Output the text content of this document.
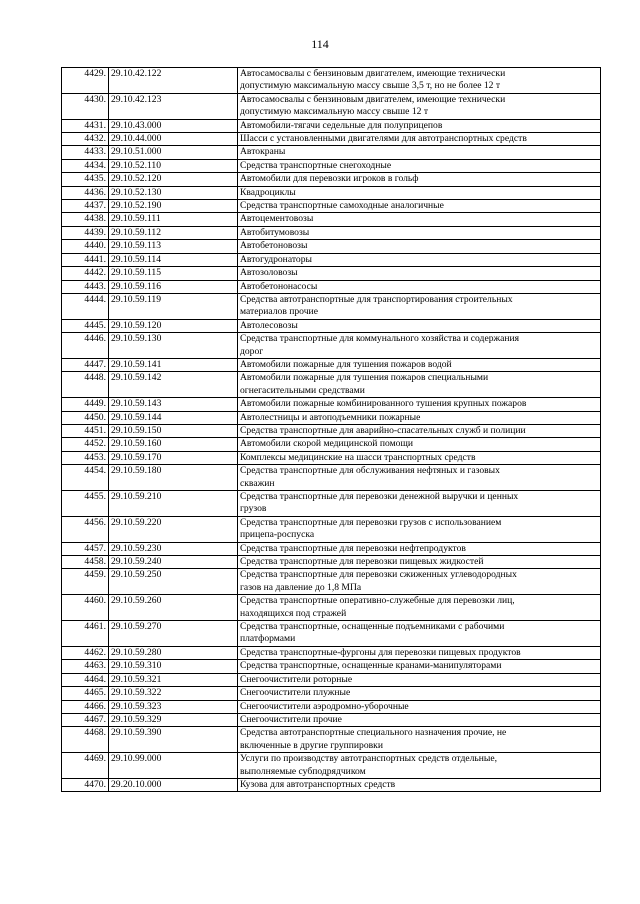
114
4429.	29.10.42.122	Автосамосвалы с бензиновым двигателем, имеющие технически
допустимую максимальную массу свыше 3,5 т, но не более 12 т

4430.	29.10.42.123	Автосамосвалы с бензиновым двигателем, имеющие технически
допустимую максимальную массу свыше 12 т

4431.	29.10.43.000	Автомобили-тягачи седельные для полуприцепов

4432.	29.10.44.000	Шасси с установленными двигателями для автотранспортных средств

4433.	29.10.51.000	Автокраны

4434.	29.10.52.110	Средства транспортные снегоходные

4435.	29.10.52.120	Автомобили для перевозки игроков в гольф

4436.	29.10.52.130	Квадроциклы

4437.	29.10.52.190	Средства транспортные самоходные аналогичные

4438.	29.10.59.111	Автоцементовозы

4439.	29.10.59.112	Автобитумовозы

4440.	29.10.59.113	Автобетоновозы

4441.	29.10.59.114	Автогудронаторы

4442.	29.10.59.115	Автозоловозы

4443.	29.10.59.116	Автобетононасосы

4444.	29.10.59.119	Средства автотранспортные для транспортирования строительных
материалов прочие

4445.	29.10.59.120	Автолесовозы

4446.	29.10.59.130	Средства транспортные для коммунального хозяйства и содержания
дорог

4447.	29.10.59.141	Автомобили пожарные для тушения пожаров водой

4448.	29.10.59.142	Автомобили пожарные для тушения пожаров специальными
огнегасительными средствами

4449.	29.10.59.143	Автомобили пожарные комбинированного тушения крупных пожаров

4450.	29.10.59.144	Автолестницы и автоподъемники пожарные

4451.	29.10.59.150	Средства транспортные для аварийно-спасательных служб и полиции

4452.	29.10.59.160	Автомобили скорой медицинской помощи

4453.	29.10.59.170	Комплексы медицинские на шасси транспортных средств

4454.	29.10.59.180	Средства транспортные для обслуживания нефтяных и газовых
скважин

4455.	29.10.59.210	Средства транспортные для перевозки денежной выручки и ценных
грузов

4456.	29.10.59.220	Средства транспортные для перевозки грузов с использованием
прицепа-роспуска

4457.	29.10.59.230	Средства транспортные для перевозки нефтепродуктов

4458.	29.10.59.240	Средства транспортные для перевозки пищевых жидкостей

4459.	29.10.59.250	Средства транспортные для перевозки сжиженных углеводородных
газов на давление до 1,8 МПа

4460.	29.10.59.260	Средства транспортные оперативно-служебные для перевозки лиц,
находящихся под стражей

4461.	29.10.59.270	Средства транспортные, оснащенные подъемниками с рабочими
платформами

4462.	29.10.59.280	Средства транспортные-фургоны для перевозки пищевых продуктов

4463.	29.10.59.310	Средства транспортные, оснащенные кранами-манипуляторами

4464.	29.10.59.321	Снегоочистители роторные

4465.	29.10.59.322	Снегоочистители плужные

4466.	29.10.59.323	Снегоочистители аэродромно-уборочные

4467.	29.10.59.329	Снегоочистители прочие

4468.	29.10.59.390	Средства автотранспортные специального назначения прочие, не
включенные в другие группировки

4469.	29.10.99.000	Услуги по производству автотранспортных средств отдельные,
выполняемые субподрядчиком

4470.	29.20.10.000	Кузова для автотранспортных средств
